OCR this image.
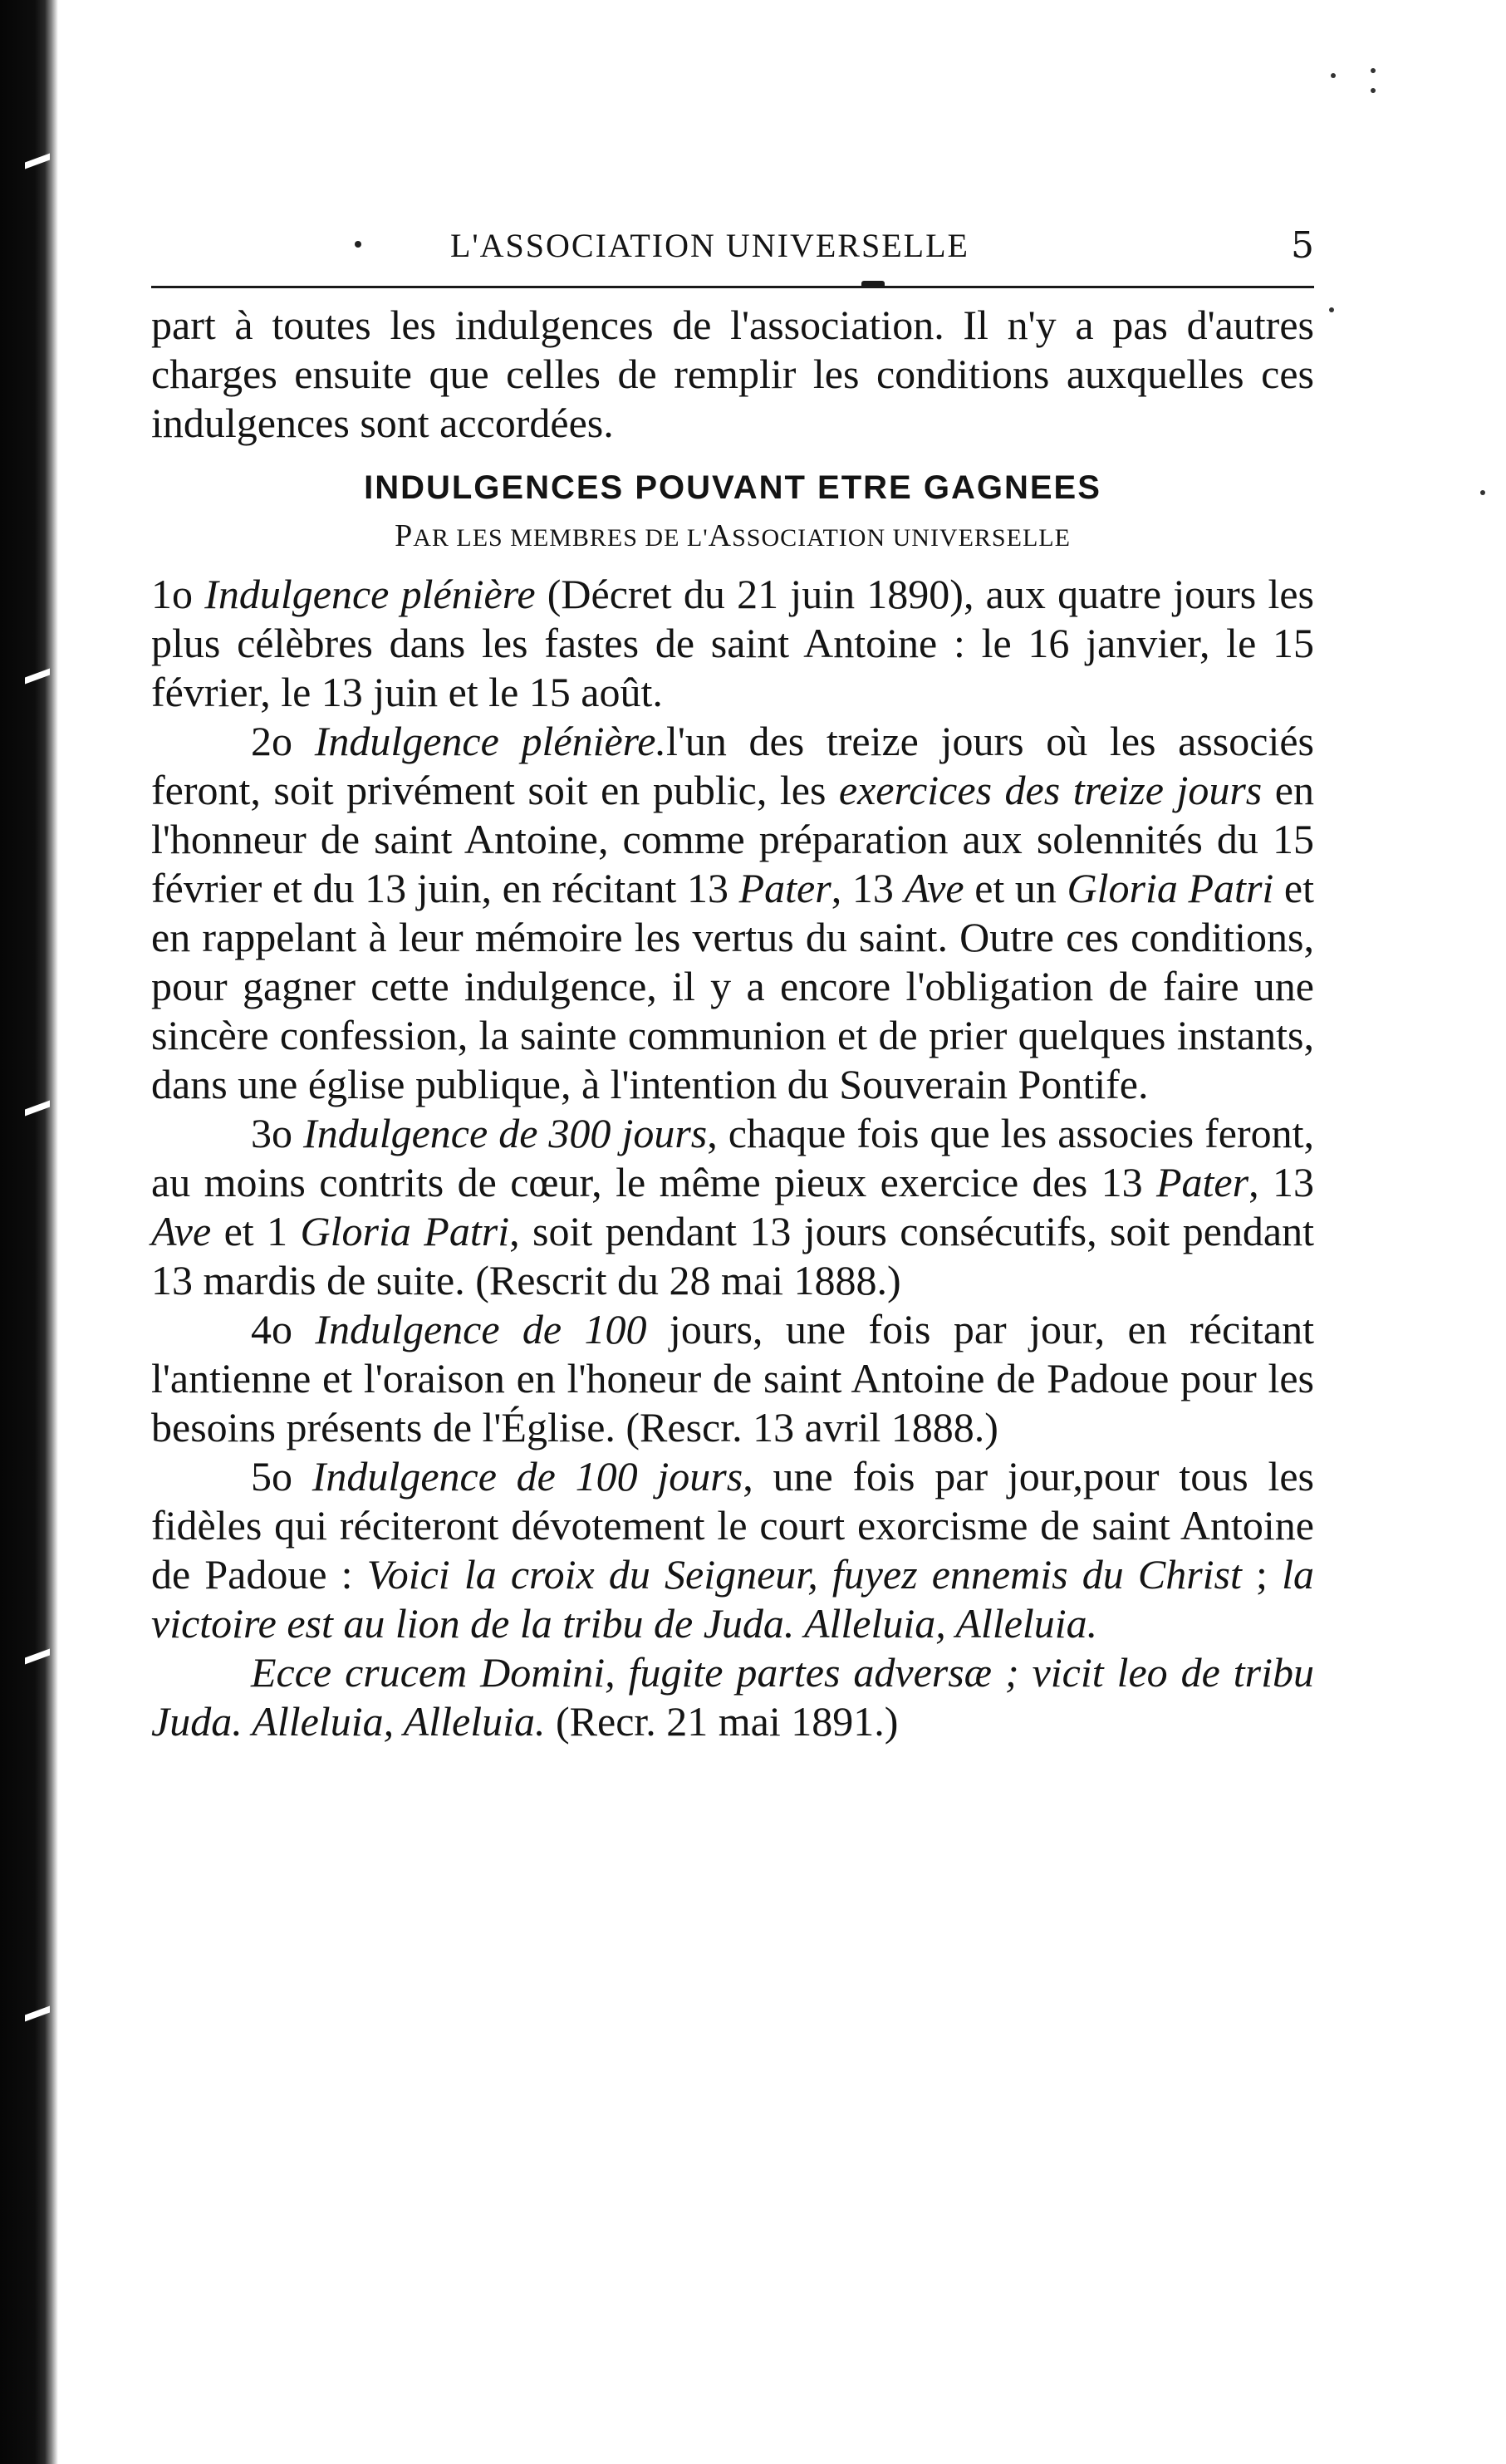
L'ASSOCIATION UNIVERSELLE	5

part à toutes les indulgences de l'association. Il n'y a pas d'autres charges ensuite que celles de remplir les conditions auxquelles ces indulgences sont accordées.

INDULGENCES POUVANT ETRE GAGNEES

PAR LES MEMBRES DE L'ASSOCIATION UNIVERSELLE

1o Indulgence plénière (Décret du 21 juin 1890), aux quatre jours les plus célèbres dans les fastes de saint Antoine : le 16 janvier, le 15 février, le 13 juin et le 15 août.

2o Indulgence plénière.l'un des treize jours où les associés feront, soit privément soit en public, les exercices des treize jours en l'honneur de saint Antoine, comme préparation aux solennités du 15 février et du 13 juin, en récitant 13 Pater, 13 Ave et un Gloria Patri et en rappelant à leur mémoire les vertus du saint. Outre ces conditions, pour gagner cette indulgence, il y a encore l'obligation de faire une sincère confession, la sainte communion et de prier quelques instants, dans une église publique, à l'intention du Souverain Pontife.

3o Indulgence de 300 jours, chaque fois que les associes feront, au moins contrits de cœur, le même pieux exercice des 13 Pater, 13 Ave et 1 Gloria Patri, soit pendant 13 jours consécutifs, soit pendant 13 mardis de suite. (Rescrit du 28 mai 1888.)

4o Indulgence de 100 jours, une fois par jour, en récitant l'antienne et l'oraison en l'honeur de saint Antoine de Padoue pour les besoins présents de l'Église. (Rescr. 13 avril 1888.)

5o Indulgence de 100 jours, une fois par jour,pour tous les fidèles qui réciteront dévotement le court exorcisme de saint Antoine de Padoue : Voici la croix du Seigneur, fuyez ennemis du Christ ; la victoire est au lion de la tribu de Juda. Alleluia, Alleluia.

Ecce crucem Domini, fugite partes adversæ ; vicit leo de tribu Juda. Alleluia, Alleluia. (Recr. 21 mai 1891.)
